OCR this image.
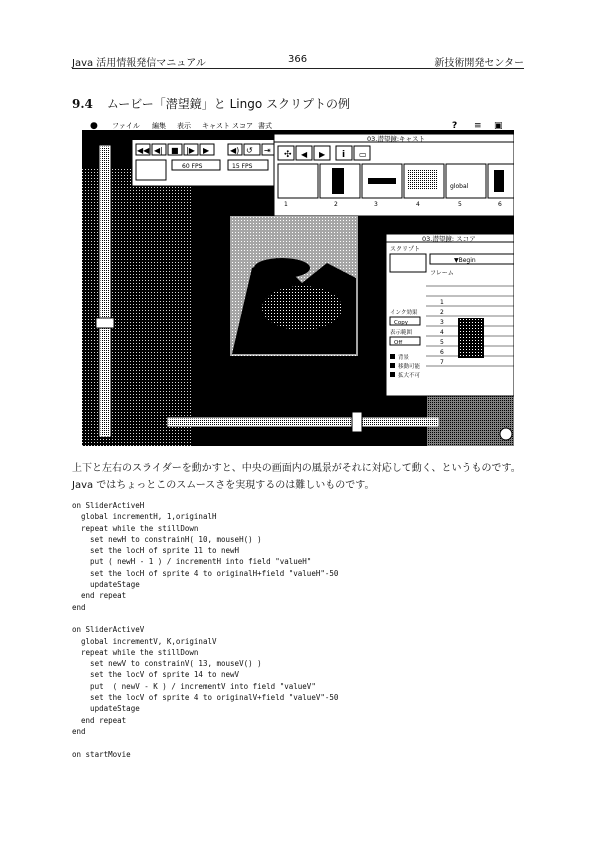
Java 活用情報発信マニュアル	366	新技術開発センター
9.4 ムービー「潜望鏡」と Lingo スクリプトの例
● ファイル 編集 表示 キャスト スコア 書式	? ≡ ▣
◀◀ ◀| ■ |▶ ▶	◀) ↺ ⇥
60 FPS	15 FPS
03.潜望鏡:キャスト
✣ ◀ ▶ i ▭
global
1	2	3	4	5	6
03.潜望鏡: スコア
スクリプト
▼Begin
フレーム
1
2
3
4
5
6
7
インク効果
Copy
表示範囲
Off
背景
移動可能
拡大不可
上下と左右のスライダーを動かすと、中央の画面内の風景がそれに対応して動く、というものです。Java ではちょっとこのスムースさを実現するのは難しいものです。
on SliderActiveH
global incrementH, 1,originalH
repeat while the stillDown
set newH to constrainH( 10, mouseH() )
set the locH of sprite 11 to newH
put ( newH - 1 ) / incrementH into field "valueH"
set the locH of sprite 4 to originalH+field "valueH"-50
updateStage
end repeat
end

on SliderActiveV
global incrementV, K,originalV
repeat while the stillDown
set newV to constrainV( 13, mouseV() )
set the locV of sprite 14 to newV
put  ( newV - K ) / incrementV into field "valueV"
set the locV of sprite 4 to originalV+field "valueV"-50
updateStage
end repeat
end

on startMovie
